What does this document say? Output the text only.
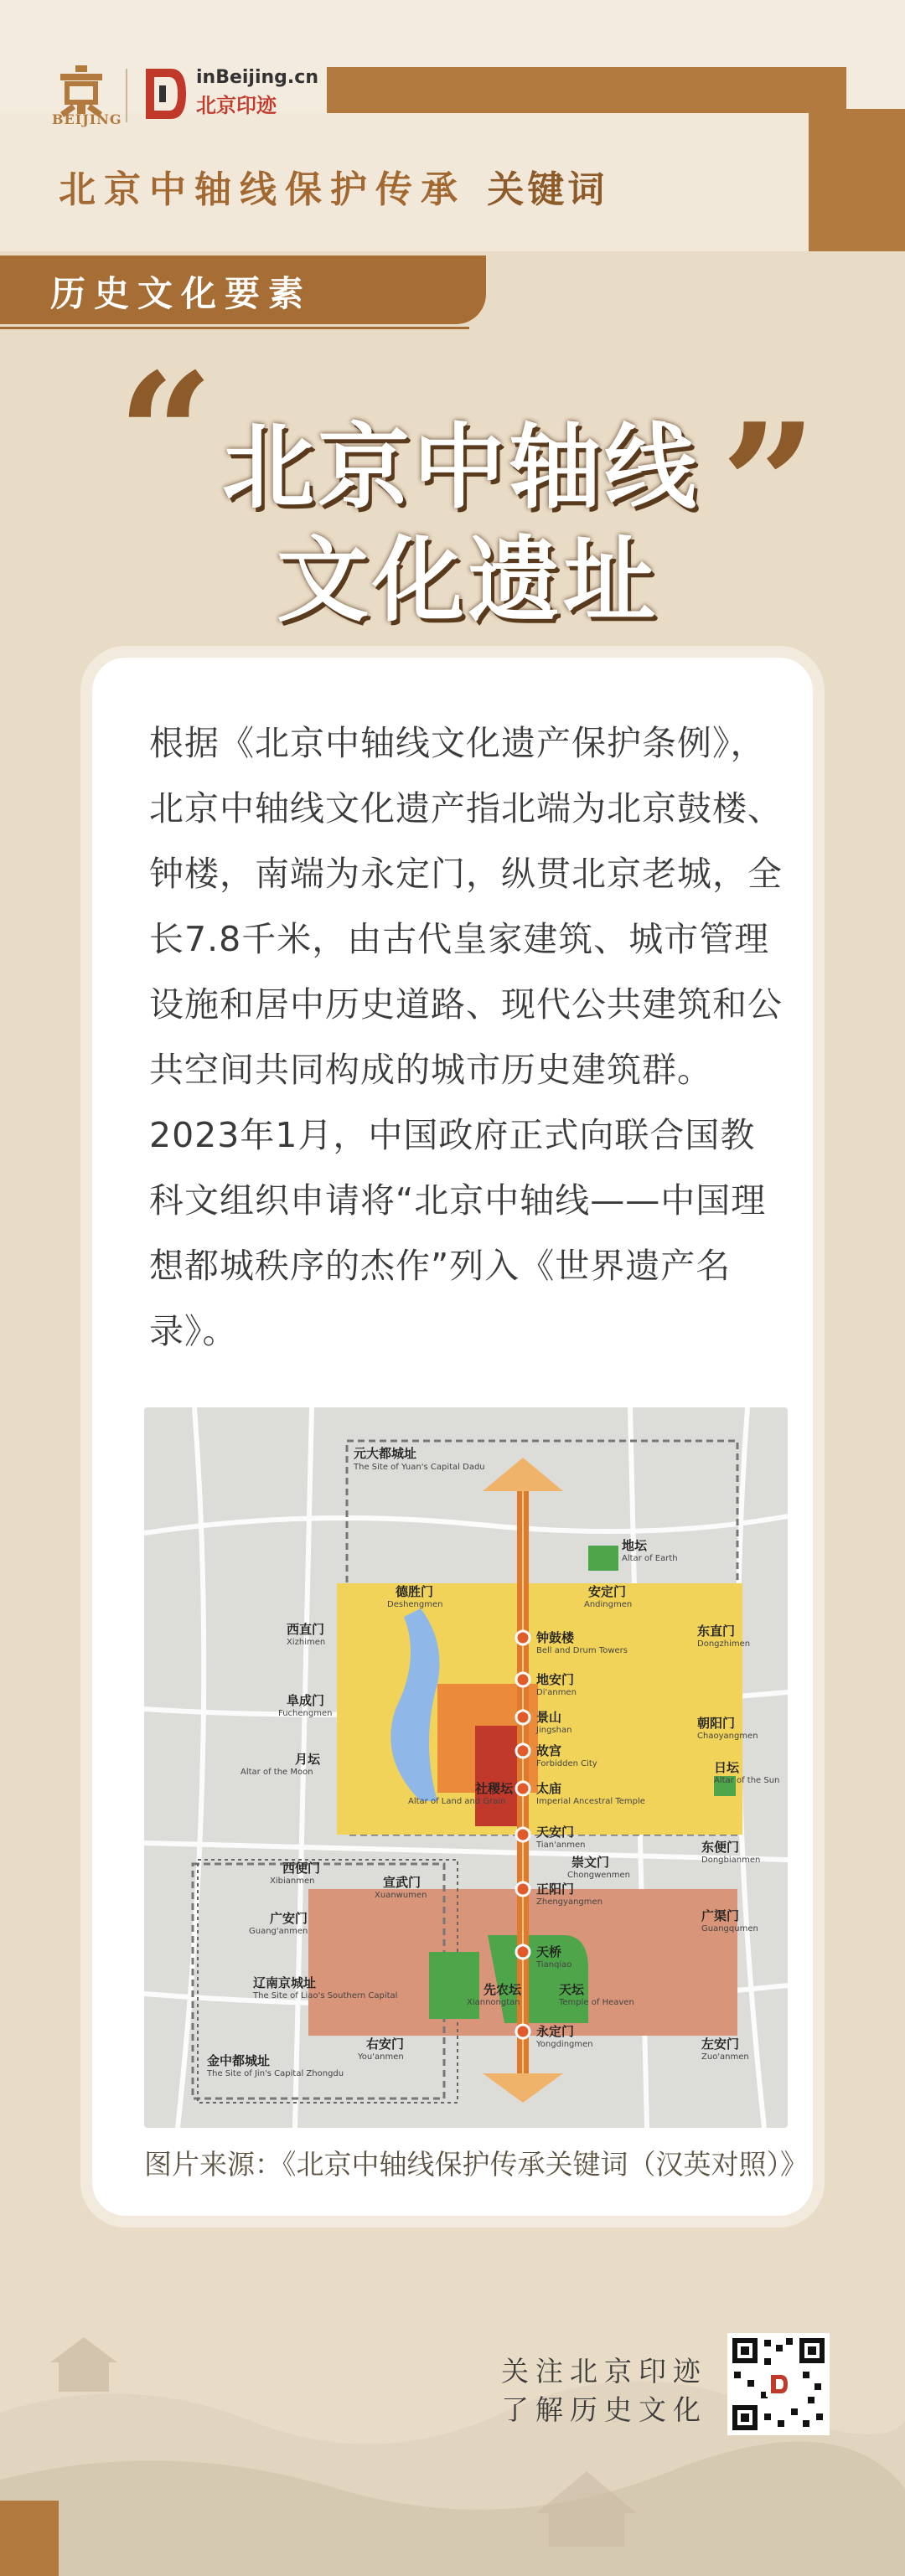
BEIJING
inBeijing.cn
北京印迹
北京中轴线保护传承 关键词
历史文化要素
“	”
北京中轴线
文化遗址
根据《北京中轴线文化遗产保护条例》，北京中轴线文化遗产指北端为北京鼓楼、钟楼，南端为永定门，纵贯北京老城，全长7.8千米，由古代皇家建筑、城市管理设施和居中历史道路、现代公共建筑和公共空间共同构成的城市历史建筑群。2023年1月，中国政府正式向联合国教科文组织申请将“北京中轴线——中国理想都城秩序的杰作”列入《世界遗产名录》。
元大都城址
地坛
德胜门	安定门
西直门	东直门
钟鼓楼
地安门
阜成门
朝阳门
景山
月坛
故宫
日坛
太庙
社稷坛
天安门
东便门
西便门	崇文门
宣武门	正阳门
广安门	广渠门
天桥
辽南京城址	先农坛	天坛
金中都城址
右安门
永定门
左安门
The Site of Yuan's Capital Dadu
Altar of Earth
Deshengmen	Andingmen
Xizhimen	Dongzhimen
Bell and Drum Towers
Di'anmen
Fuchengmen
Chaoyangmen
Jingshan
Altar of the Moon
Forbidden City
Altar of the Sun
Imperial Ancestral Temple
Altar of Land and Grain
Tian'anmen
Dongbianmen
Xibianmen
Chongwenmen
Xuanwumen
Zhengyangmen
Guang'anmen	Guangqumen
Tianqiao
The Site of Liao's Southern Capital
Xiannongtan	Temple of Heaven
The Site of Jin's Capital Zhongdu
You'anmen
Yongdingmen
Zuo'anmen
图片来源：《北京中轴线保护传承关键词（汉英对照）》
关注北京印迹
了解历史文化
